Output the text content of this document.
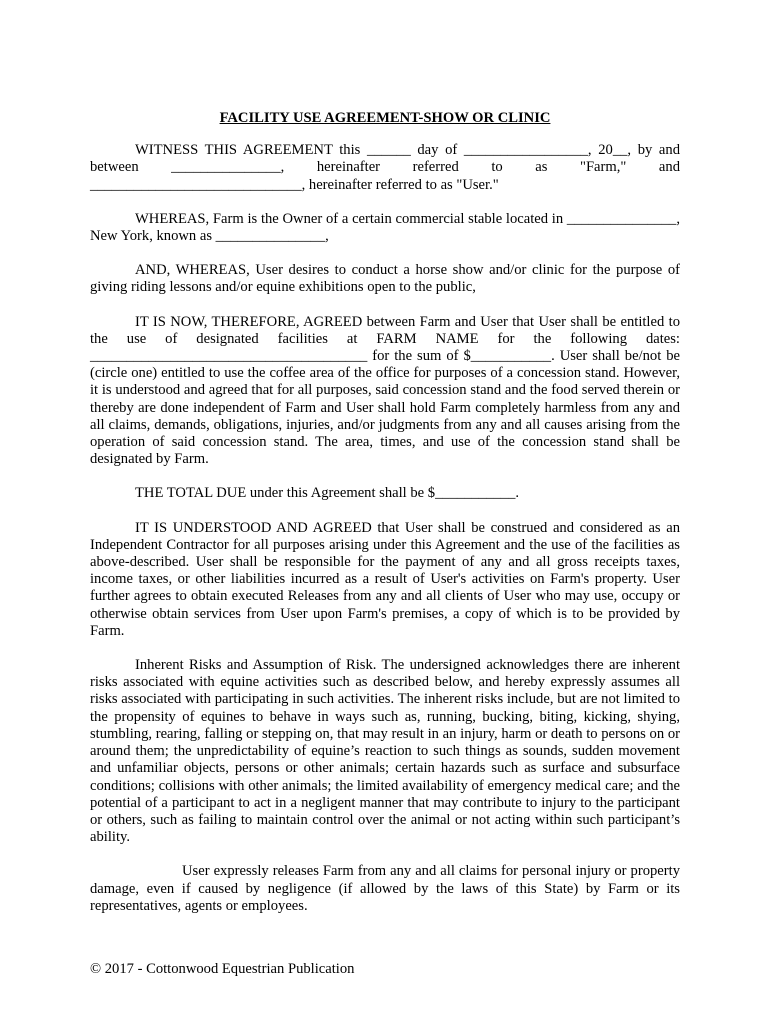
FACILITY USE AGREEMENT-SHOW OR CLINIC

WITNESS THIS AGREEMENT this ______ day of _________________, 20__, by and between _______________, hereinafter referred to as "Farm," and _____________________________, hereinafter referred to as "User."

WHEREAS, Farm is the Owner of a certain commercial stable located in _______________, New York, known as _______________,

AND, WHEREAS, User desires to conduct a horse show and/or clinic for the purpose of giving riding lessons and/or equine exhibitions open to the public,

IT IS NOW, THEREFORE, AGREED between Farm and User that User shall be entitled to the use of designated facilities at FARM NAME for the following dates: ______________________________________ for the sum of $___________. User shall be/not be (circle one) entitled to use the coffee area of the office for purposes of a concession stand. However, it is understood and agreed that for all purposes, said concession stand and the food served therein or thereby are done independent of Farm and User shall hold Farm completely harmless from any and all claims, demands, obligations, injuries, and/or judgments from any and all causes arising from the operation of said concession stand. The area, times, and use of the concession stand shall be designated by Farm.

THE TOTAL DUE under this Agreement shall be $___________.

IT IS UNDERSTOOD AND AGREED that User shall be construed and considered as an Independent Contractor for all purposes arising under this Agreement and the use of the facilities as above-described. User shall be responsible for the payment of any and all gross receipts taxes, income taxes, or other liabilities incurred as a result of User's activities on Farm's property. User further agrees to obtain executed Releases from any and all clients of User who may use, occupy or otherwise obtain services from User upon Farm's premises, a copy of which is to be provided by Farm.

Inherent Risks and Assumption of Risk. The undersigned acknowledges there are inherent risks associated with equine activities such as described below, and hereby expressly assumes all risks associated with participating in such activities. The inherent risks include, but are not limited to the propensity of equines to behave in ways such as, running, bucking, biting, kicking, shying, stumbling, rearing, falling or stepping on, that may result in an injury, harm or death to persons on or around them; the unpredictability of equine’s reaction to such things as sounds, sudden movement and unfamiliar objects, persons or other animals; certain hazards such as surface and subsurface conditions; collisions with other animals; the limited availability of emergency medical care; and the potential of a participant to act in a negligent manner that may contribute to injury to the participant or others, such as failing to maintain control over the animal or not acting within such participant’s ability.

User expressly releases Farm from any and all claims for personal injury or property damage, even if caused by negligence (if allowed by the laws of this State) by Farm or its representatives, agents or employees.

© 2017 - Cottonwood Equestrian Publication
